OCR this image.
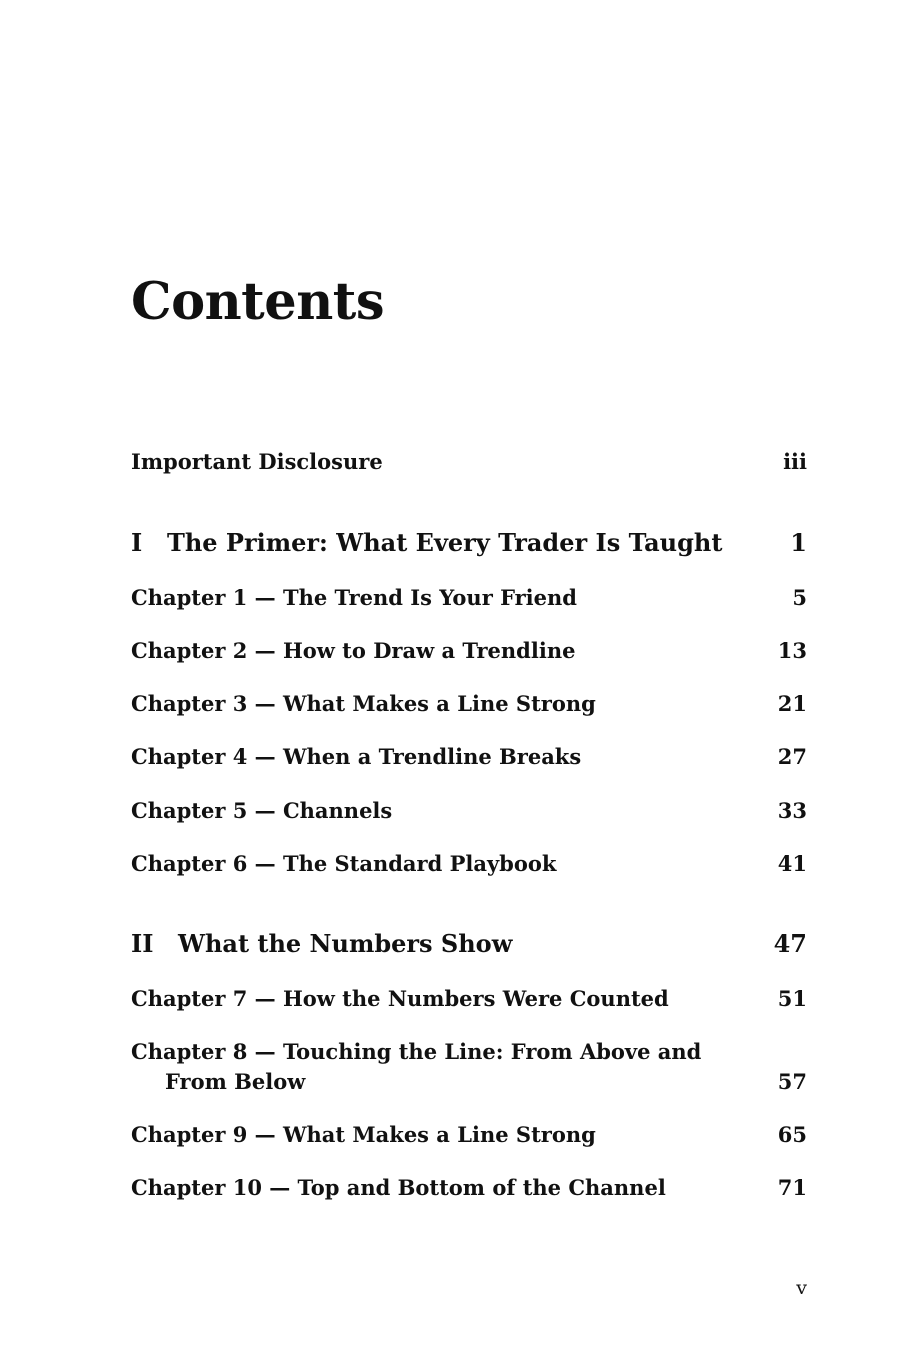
Contents
Important Disclosure	iii
I The Primer: What Every Trader Is Taught	1
Chapter 1 — The Trend Is Your Friend	5
Chapter 2 — How to Draw a Trendline	13
Chapter 3 — What Makes a Line Strong	21
Chapter 4 — When a Trendline Breaks	27
Chapter 5 — Channels	33
Chapter 6 — The Standard Playbook	41
II What the Numbers Show	47
Chapter 7 — How the Numbers Were Counted	51
Chapter 8 — Touching the Line: From Above and
From Below	57
Chapter 9 — What Makes a Line Strong	65
Chapter 10 — Top and Bottom of the Channel	71
v
